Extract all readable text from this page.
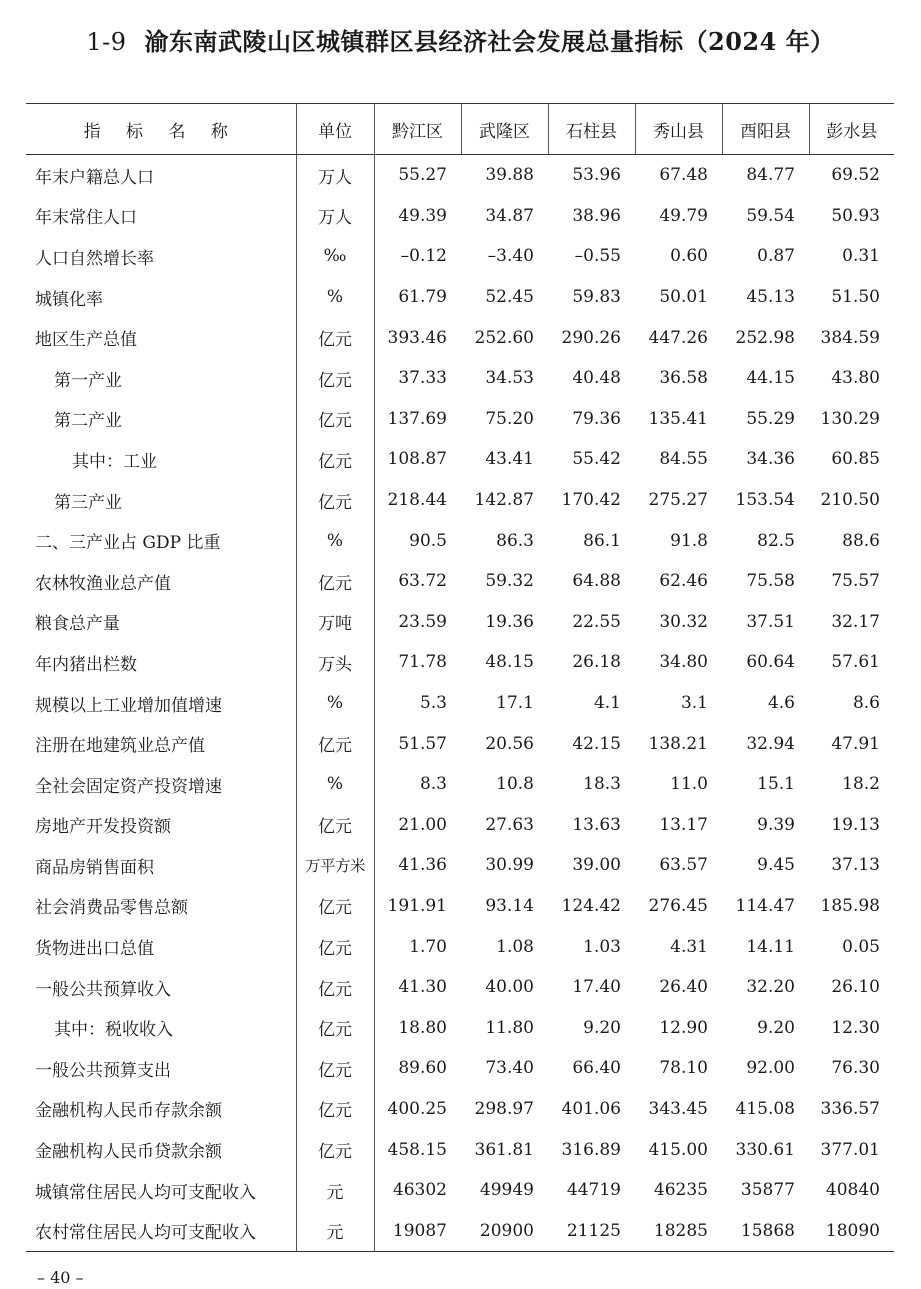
1-9 渝东南武陵山区城镇群区县经济社会发展总量指标（2024 年）
指 标 名 称	单位	黔江区	武隆区	石柱县	秀山县	酉阳县	彭水县
年末户籍总人口	万人	55.27	39.88	53.96	67.48	84.77	69.52
年末常住人口	万人	49.39	34.87	38.96	49.79	59.54	50.93
人口自然增长率	‰	–0.12	–3.40	–0.55	0.60	0.87	0.31
城镇化率	%	61.79	52.45	59.83	50.01	45.13	51.50
地区生产总值	亿元	393.46	252.60	290.26	447.26	252.98	384.59
第一产业	亿元	37.33	34.53	40.48	36.58	44.15	43.80
第二产业	亿元	137.69	75.20	79.36	135.41	55.29	130.29
其中：工业	亿元	108.87	43.41	55.42	84.55	34.36	60.85
第三产业	亿元	218.44	142.87	170.42	275.27	153.54	210.50
二、三产业占 GDP 比重	%	90.5	86.3	86.1	91.8	82.5	88.6
农林牧渔业总产值	亿元	63.72	59.32	64.88	62.46	75.58	75.57
粮食总产量	万吨	23.59	19.36	22.55	30.32	37.51	32.17
年内猪出栏数	万头	71.78	48.15	26.18	34.80	60.64	57.61
规模以上工业增加值增速	%	5.3	17.1	4.1	3.1	4.6	8.6
注册在地建筑业总产值	亿元	51.57	20.56	42.15	138.21	32.94	47.91
全社会固定资产投资增速	%	8.3	10.8	18.3	11.0	15.1	18.2
房地产开发投资额	亿元	21.00	27.63	13.63	13.17	9.39	19.13
商品房销售面积	万平方米	41.36	30.99	39.00	63.57	9.45	37.13
社会消费品零售总额	亿元	191.91	93.14	124.42	276.45	114.47	185.98
货物进出口总值	亿元	1.70	1.08	1.03	4.31	14.11	0.05
一般公共预算收入	亿元	41.30	40.00	17.40	26.40	32.20	26.10
其中：税收收入	亿元	18.80	11.80	9.20	12.90	9.20	12.30
一般公共预算支出	亿元	89.60	73.40	66.40	78.10	92.00	76.30
金融机构人民币存款余额	亿元	400.25	298.97	401.06	343.45	415.08	336.57
金融机构人民币贷款余额	亿元	458.15	361.81	316.89	415.00	330.61	377.01
城镇常住居民人均可支配收入	元	46302	49949	44719	46235	35877	40840
农村常住居民人均可支配收入	元	19087	20900	21125	18285	15868	18090
– 40 –
